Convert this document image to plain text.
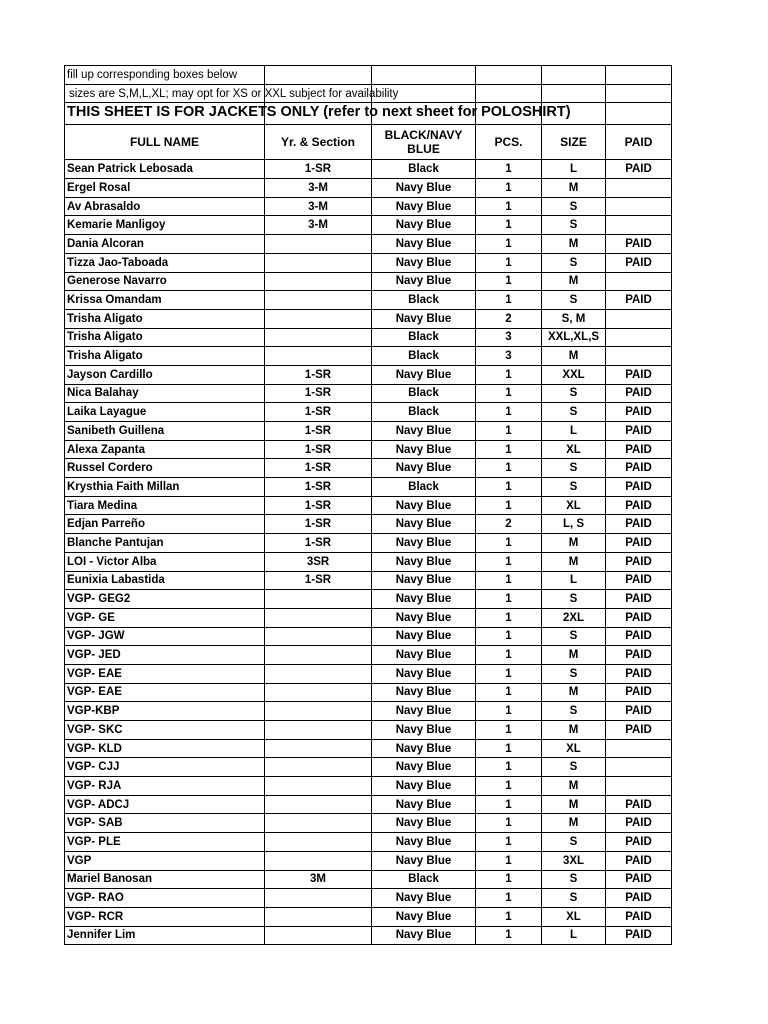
fill up corresponding boxes below					
sizes are S,M,L,XL; may opt for XS or XXL subject for availability					

THIS SHEET IS FOR JACKETS ONLY (refer to next sheet for POLOSHIRT)					

FULL NAME	Yr. & Section	BLACK/NAVY BLUE	PCS.	SIZE	PAID
Sean Patrick Lebosada	1-SR	Black	1	L	PAID
Ergel Rosal	3-M	Navy Blue	1	M	
Av Abrasaldo	3-M	Navy Blue	1	S	
Kemarie Manligoy	3-M	Navy Blue	1	S	
Dania Alcoran		Navy Blue	1	M	PAID
Tizza Jao-Taboada		Navy Blue	1	S	PAID
Generose Navarro		Navy Blue	1	M	
Krissa Omandam		Black	1	S	PAID
Trisha Aligato		Navy Blue	2	S, M	
Trisha Aligato		Black	3	XXL,XL,S	
Trisha Aligato		Black	3	M	
Jayson Cardillo	1-SR	Navy Blue	1	XXL	PAID
Nica Balahay	1-SR	Black	1	S	PAID
Laika Layague	1-SR	Black	1	S	PAID
Sanibeth Guillena	1-SR	Navy Blue	1	L	PAID
Alexa Zapanta	1-SR	Navy Blue	1	XL	PAID
Russel Cordero	1-SR	Navy Blue	1	S	PAID
Krysthia Faith Millan	1-SR	Black	1	S	PAID
Tiara Medina	1-SR	Navy Blue	1	XL	PAID
Edjan Parreño	1-SR	Navy Blue	2	L, S	PAID
Blanche Pantujan	1-SR	Navy Blue	1	M	PAID
LOI - Victor Alba	3SR	Navy Blue	1	M	PAID
Eunixia Labastida	1-SR	Navy Blue	1	L	PAID
VGP- GEG2		Navy Blue	1	S	PAID
VGP- GE		Navy Blue	1	2XL	PAID
VGP- JGW		Navy Blue	1	S	PAID
VGP- JED		Navy Blue	1	M	PAID
VGP- EAE		Navy Blue	1	S	PAID
VGP- EAE		Navy Blue	1	M	PAID
VGP-KBP		Navy Blue	1	S	PAID
VGP- SKC		Navy Blue	1	M	PAID
VGP- KLD		Navy Blue	1	XL	
VGP- CJJ		Navy Blue	1	S	
VGP- RJA		Navy Blue	1	M	
VGP- ADCJ		Navy Blue	1	M	PAID
VGP- SAB		Navy Blue	1	M	PAID
VGP- PLE		Navy Blue	1	S	PAID
VGP		Navy Blue	1	3XL	PAID
Mariel Banosan	3M	Black	1	S	PAID
VGP- RAO		Navy Blue	1	S	PAID
VGP- RCR		Navy Blue	1	XL	PAID
Jennifer Lim		Navy Blue	1	L	PAID
